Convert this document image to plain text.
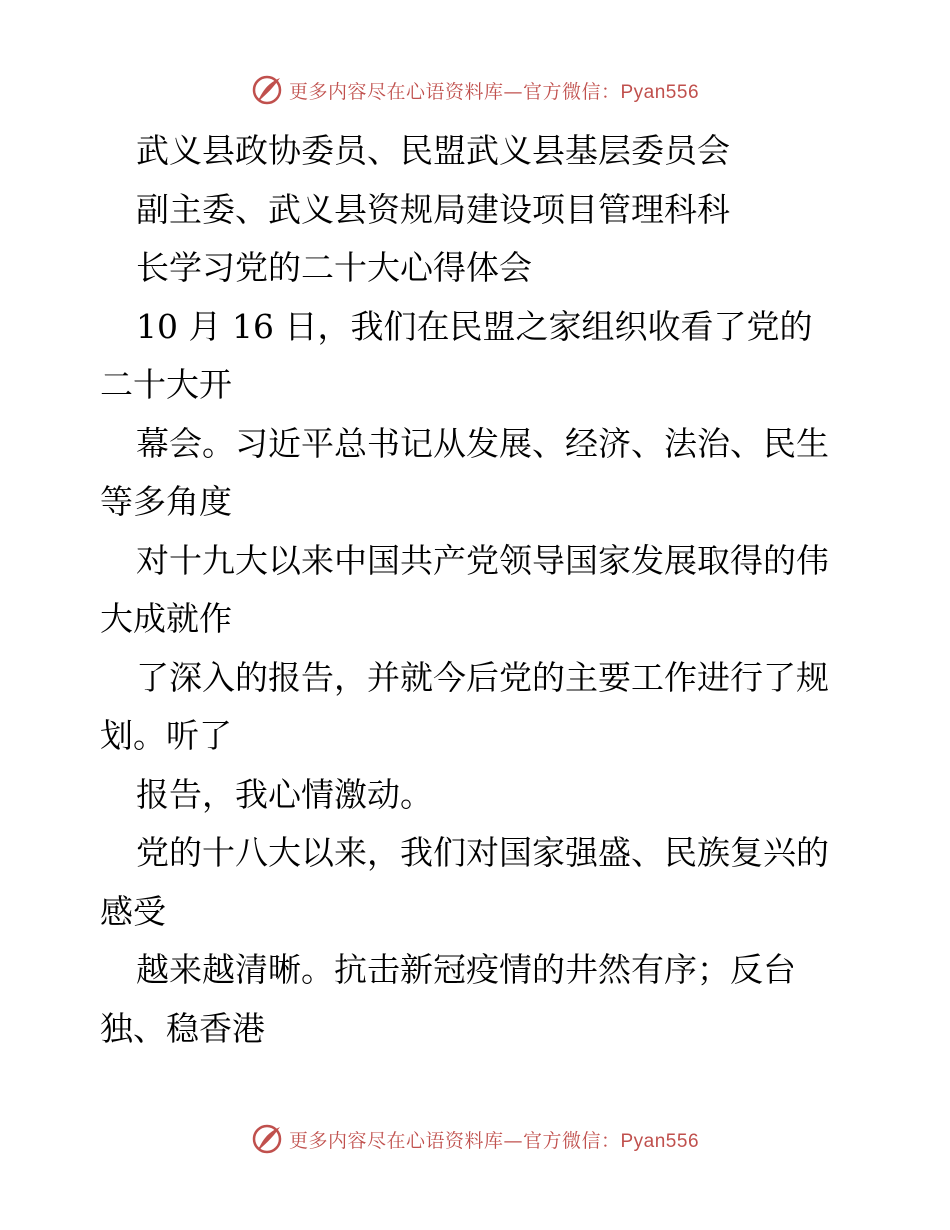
更多内容尽在心语资料库—官方微信：Pyan556
武义县政协委员、民盟武义县基层委员会
副主委、武义县资规局建设项目管理科科
长学习党的二十大心得体会
10 月 16 日，我们在民盟之家组织收看了党的
二十大开
幕会。习近平总书记从发展、经济、法治、民生
等多角度
对十九大以来中国共产党领导国家发展取得的伟
大成就作
了深入的报告，并就今后党的主要工作进行了规
划。听了
报告，我心情激动。
党的十八大以来，我们对国家强盛、民族复兴的
感受
越来越清晰。抗击新冠疫情的井然有序；反台
独、稳香港
更多内容尽在心语资料库—官方微信：Pyan556
